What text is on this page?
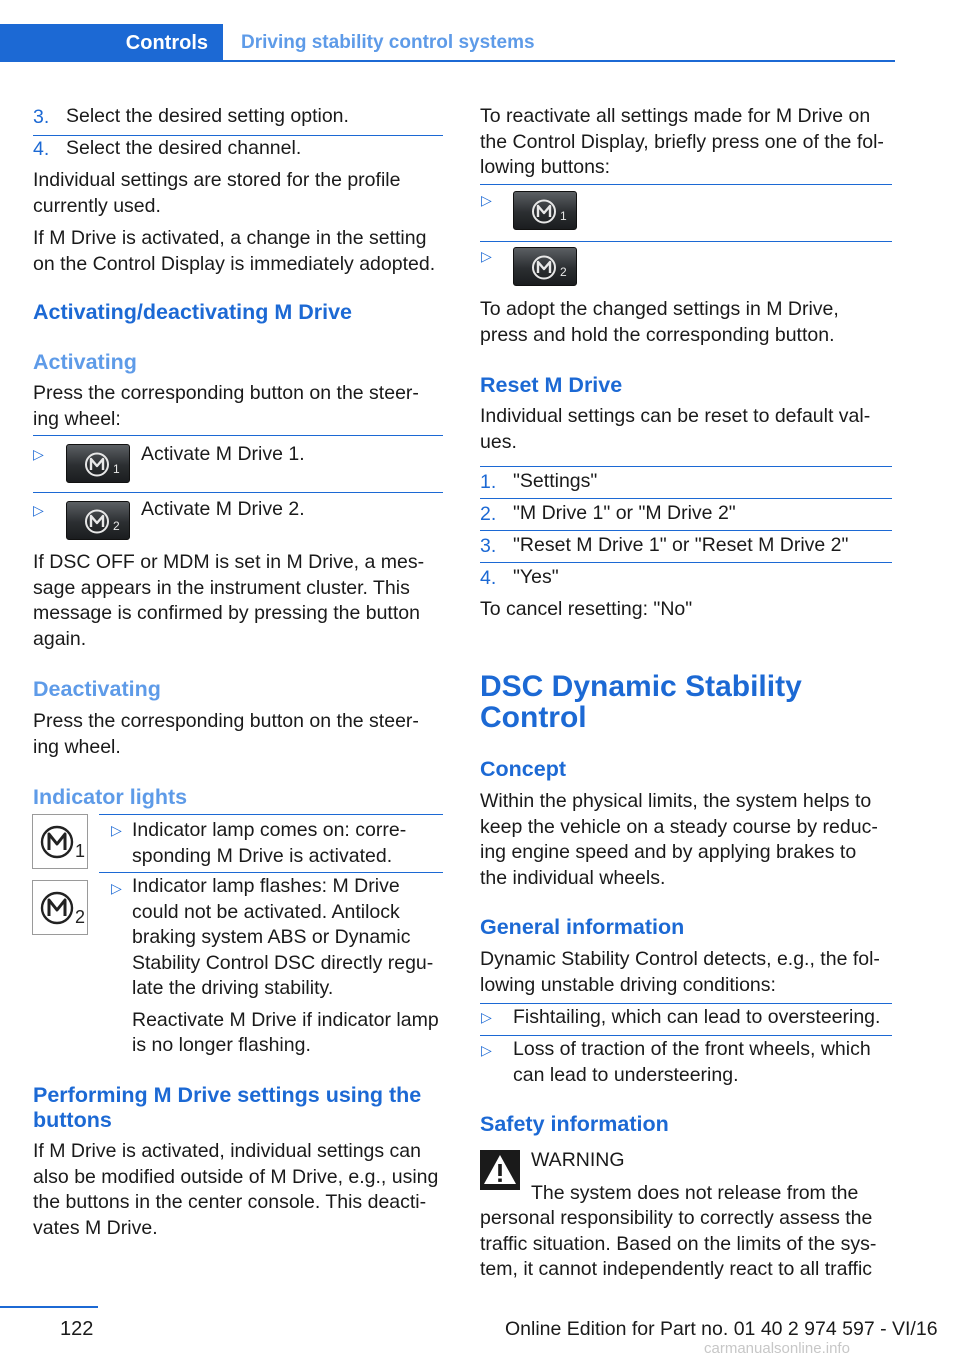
Controls Driving stability control systems
3. Select the desired setting option.
4. Select the desired channel.
Individual settings are stored for the profile
currently used.
If M Drive is activated, a change in the setting
on the Control Display is immediately adopted.
Activating/deactivating M Drive
Activating
Press the corresponding button on the steer‐
ing wheel:
▷
1
Activate M Drive 1.
▷
2
Activate M Drive 2.
If DSC OFF or MDM is set in M Drive, a mes‐
sage appears in the instrument cluster. This
message is confirmed by pressing the button
again.
Deactivating
Press the corresponding button on the steer‐
ing wheel.
Indicator lights
1
▷ Indicator lamp comes on: corre‐
sponding M Drive is activated.
2
▷ Indicator lamp flashes: M Drive
could not be activated. Antilock
braking system ABS or Dynamic
Stability Control DSC directly regu‐
late the driving stability.
Reactivate M Drive if indicator lamp
is no longer flashing.
Performing M Drive settings using the
buttons
If M Drive is activated, individual settings can
also be modified outside of M Drive, e.g., using
the buttons in the center console. This deacti‐
vates M Drive.
To reactivate all settings made for M Drive on
the Control Display, briefly press one of the fol‐
lowing buttons:
▷
1
▷
2
To adopt the changed settings in M Drive,
press and hold the corresponding button.
Reset M Drive
Individual settings can be reset to default val‐
ues.
1. "Settings"
2. "M Drive 1" or "M Drive 2"
3. "Reset M Drive 1" or "Reset M Drive 2"
4. "Yes"
To cancel resetting: "No"
DSC Dynamic Stability
Control
Concept
Within the physical limits, the system helps to
keep the vehicle on a steady course by reduc‐
ing engine speed and by applying brakes to
the individual wheels.
General information
Dynamic Stability Control detects, e.g., the fol‐
lowing unstable driving conditions:
▷ Fishtailing, which can lead to oversteering.
▷ Loss of traction of the front wheels, which
can lead to understeering.
Safety information
WARNING
The system does not release from the
personal responsibility to correctly assess the
traffic situation. Based on the limits of the sys‐
tem, it cannot independently react to all traffic
122	Online Edition for Part no. 01 40 2 974 597 - VI/16
carmanualsonline.info
